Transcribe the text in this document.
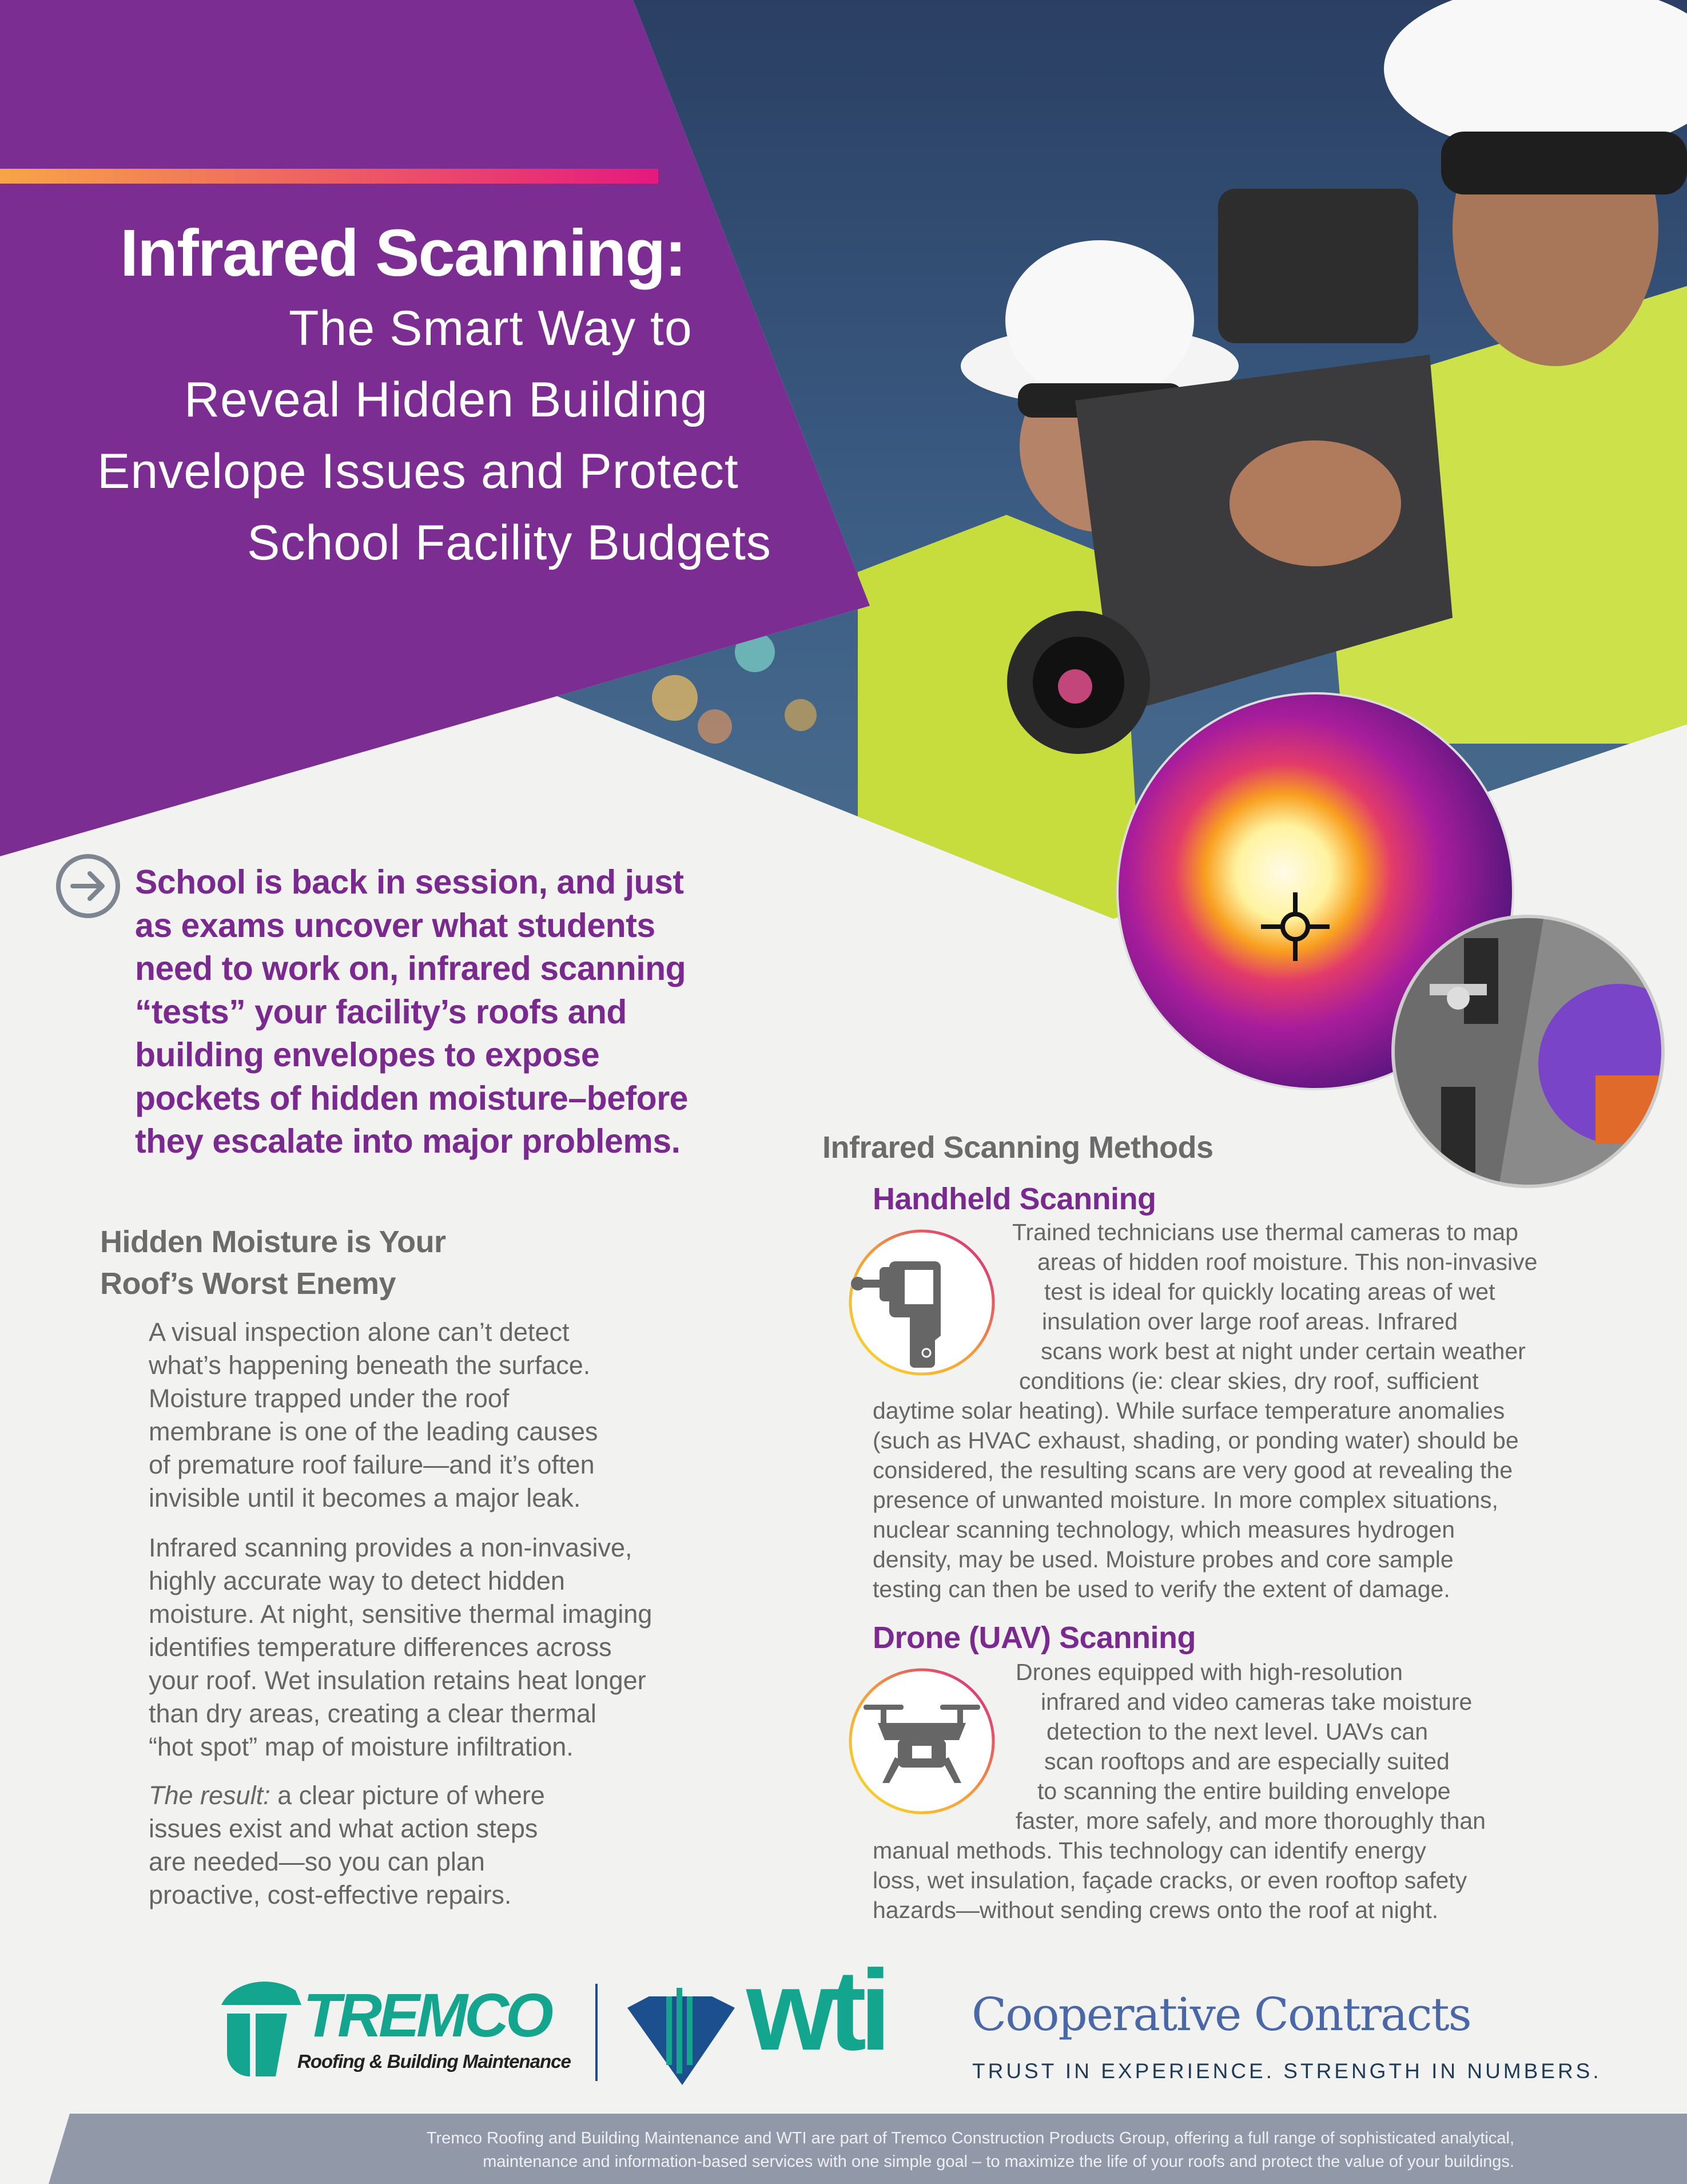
Infrared Scanning:
The Smart Way to
Reveal Hidden Building
Envelope Issues and Protect
School Facility Budgets
School is back in session, and just
as exams uncover what students
need to work on, infrared scanning
“tests” your facility’s roofs and
building envelopes to expose
pockets of hidden moisture–before
they escalate into major problems.
Hidden Moisture is Your
Roof’s Worst Enemy
A visual inspection alone can’t detect
what’s happening beneath the surface.
Moisture trapped under the roof
membrane is one of the leading causes
of premature roof failure—and it’s often
invisible until it becomes a major leak.
Infrared scanning provides a non-invasive,
highly accurate way to detect hidden
moisture. At night, sensitive thermal imaging
identifies temperature differences across
your roof. Wet insulation retains heat longer
than dry areas, creating a clear thermal
“hot spot” map of moisture infiltration.
The result: a clear picture of where
issues exist and what action steps
are needed—so you can plan
proactive, cost-effective repairs.
Infrared Scanning Methods
Handheld Scanning
Trained technicians use thermal cameras to map
areas of hidden roof moisture. This non-invasive
test is ideal for quickly locating areas of wet
insulation over large roof areas. Infrared
scans work best at night under certain weather
conditions (ie: clear skies, dry roof, sufficient
daytime solar heating). While surface temperature anomalies
(such as HVAC exhaust, shading, or ponding water) should be
considered, the resulting scans are very good at revealing the
presence of unwanted moisture. In more complex situations,
nuclear scanning technology, which measures hydrogen
density, may be used. Moisture probes and core sample
testing can then be used to verify the extent of damage.
Drone (UAV) Scanning
Drones equipped with high-resolution
infrared and video cameras take moisture
detection to the next level. UAVs can
scan rooftops and are especially suited
to scanning the entire building envelope
faster, more safely, and more thoroughly than
manual methods. This technology can identify energy
loss, wet insulation, façade cracks, or even rooftop safety
hazards—without sending crews onto the roof at night.
TREMCO
Roofing & Building Maintenance wti Cooperative Contracts
TRUST IN EXPERIENCE. STRENGTH IN NUMBERS.
Tremco Roofing and Building Maintenance and WTI are part of Tremco Construction Products Group, offering a full range of sophisticated analytical,
maintenance and information-based services with one simple goal – to maximize the life of your roofs and protect the value of your buildings.
